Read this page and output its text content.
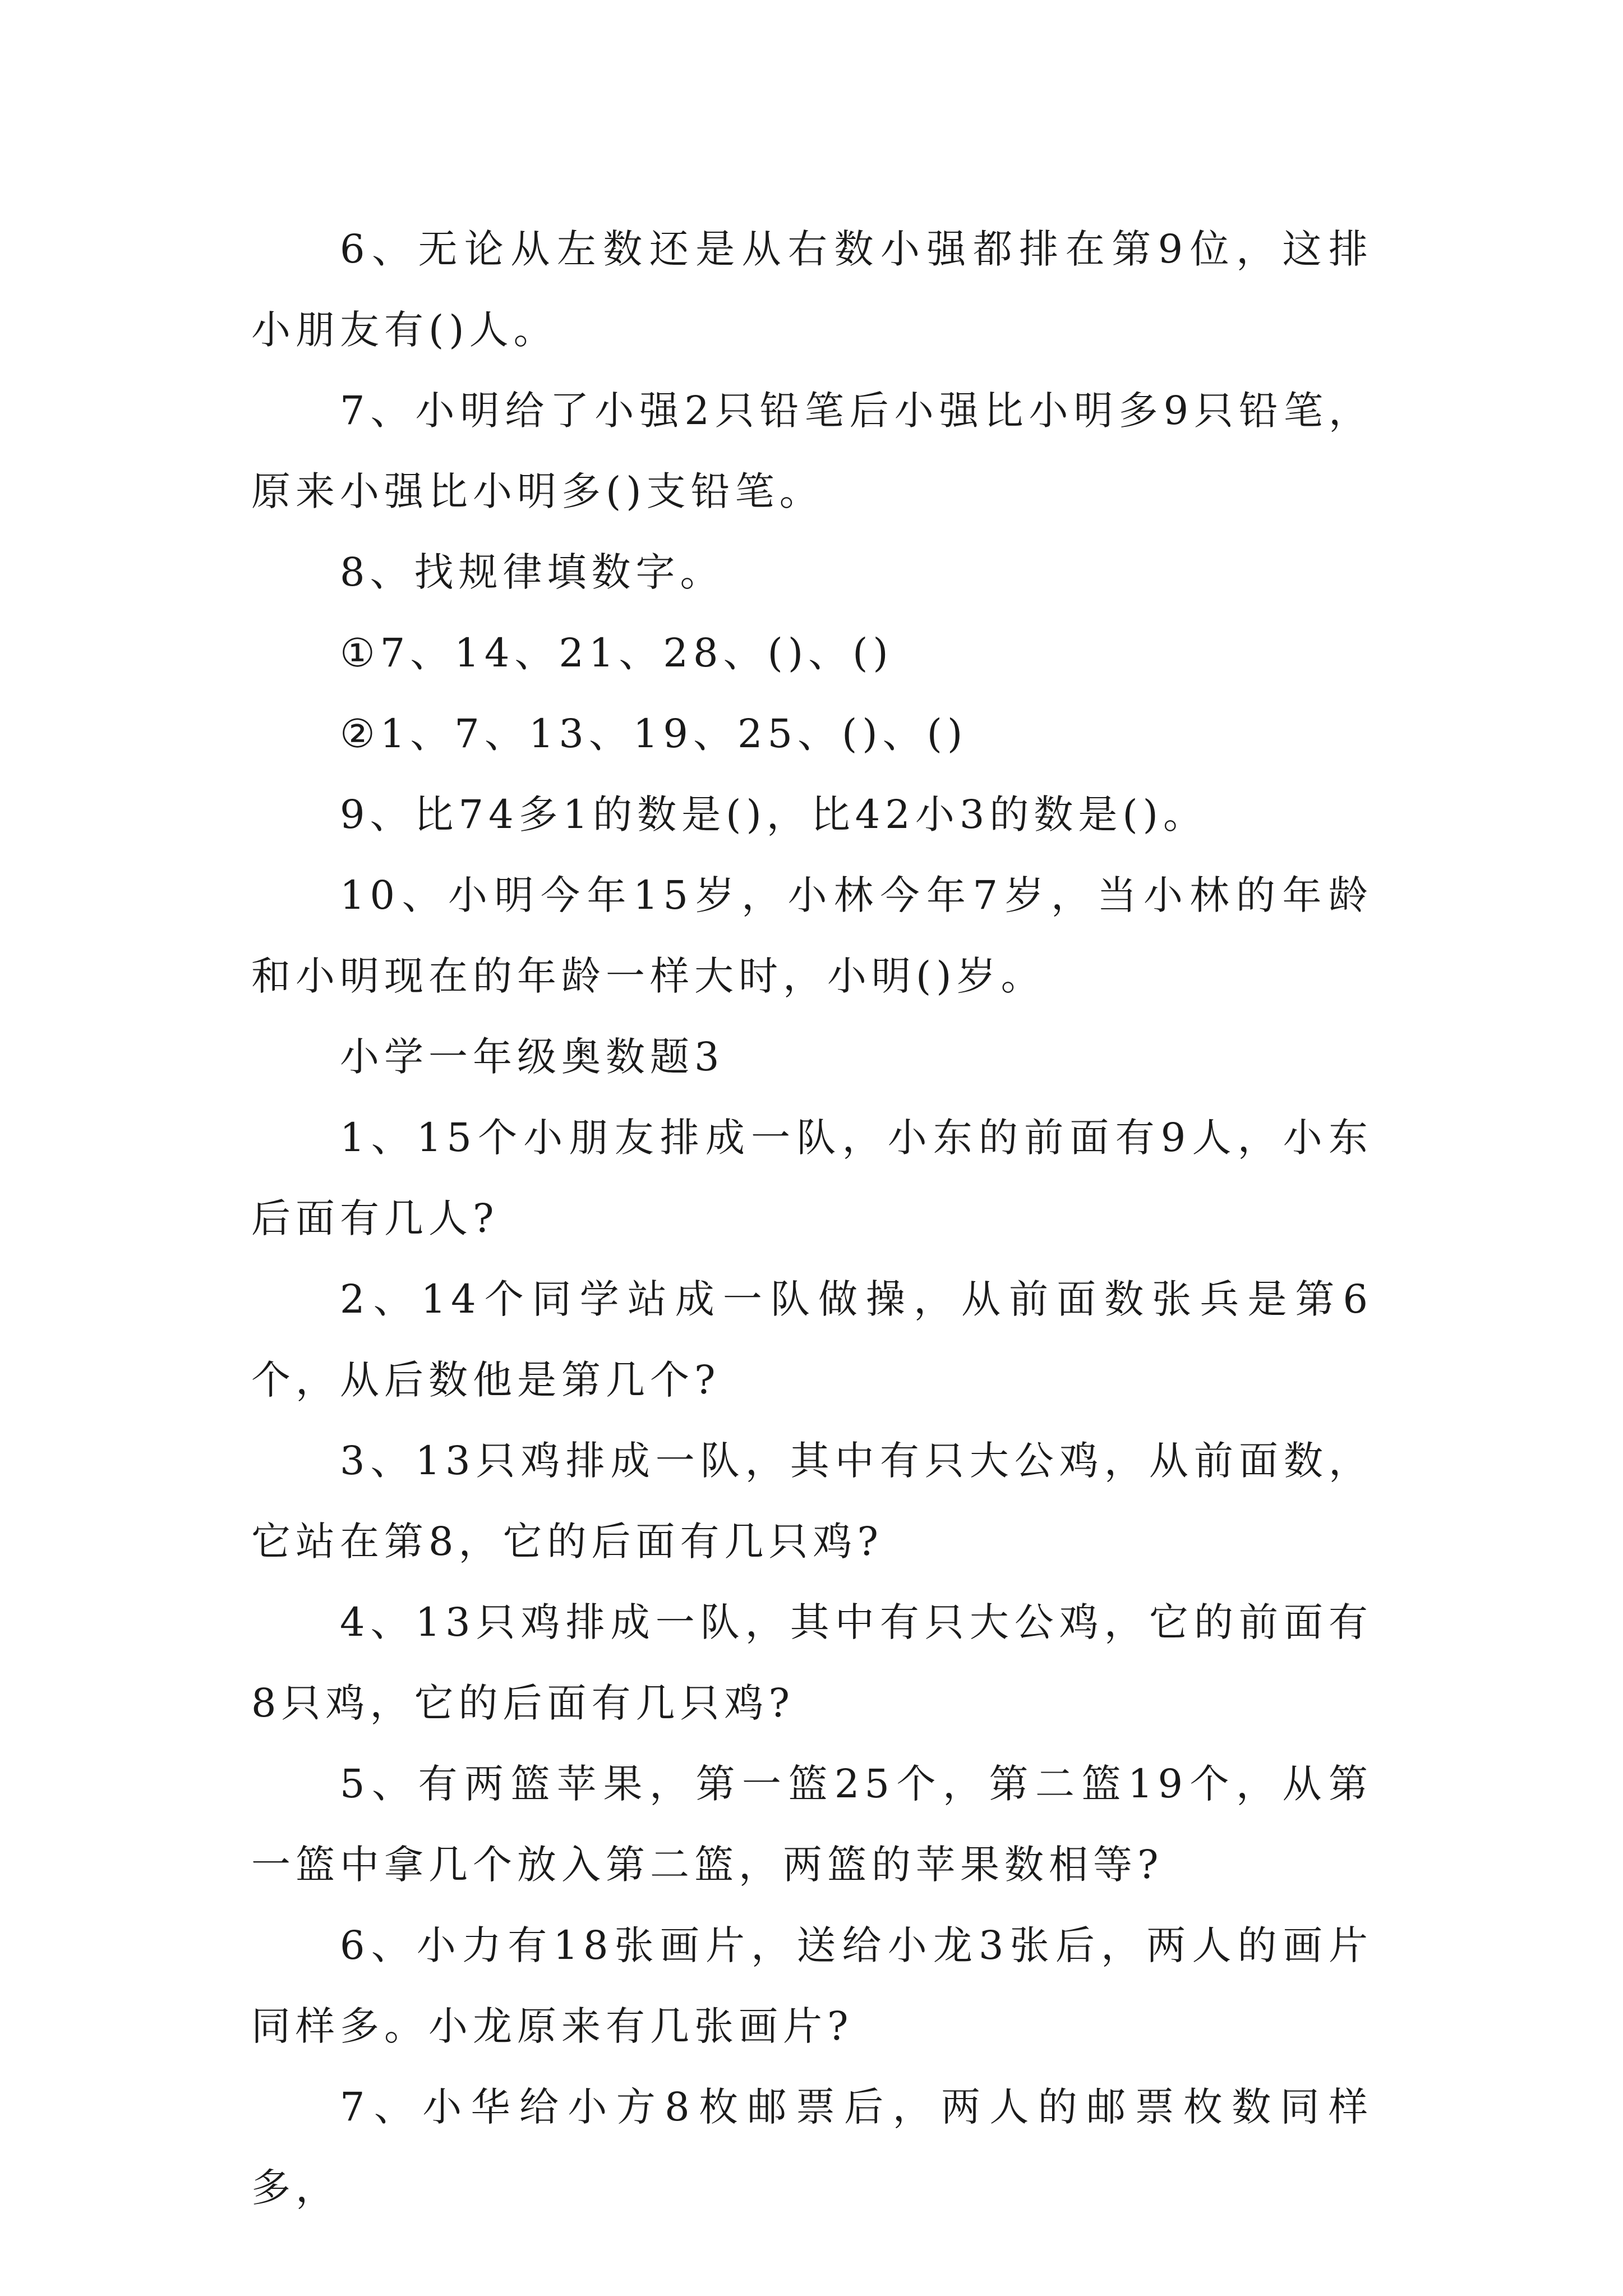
6、无论从左数还是从右数小强都排在第9位，这排小朋友有()人。

7、小明给了小强2只铅笔后小强比小明多9只铅笔，原来小强比小明多()支铅笔。

8、找规律填数字。

①7、14、21、28、()、()

②1、7、13、19、25、()、()

9、比74多1的数是()，比42小3的数是()。

10、小明今年15岁，小林今年7岁，当小林的年龄和小明现在的年龄一样大时，小明()岁。

小学一年级奥数题3

1、15个小朋友排成一队，小东的前面有9人，小东后面有几人?

2、14个同学站成一队做操，从前面数张兵是第6个，从后数他是第几个?

3、13只鸡排成一队，其中有只大公鸡，从前面数，它站在第8，它的后面有几只鸡?

4、13只鸡排成一队，其中有只大公鸡，它的前面有8只鸡，它的后面有几只鸡?

5、有两篮苹果，第一篮25个，第二篮19个，从第一篮中拿几个放入第二篮，两篮的苹果数相等?

6、小力有18张画片，送给小龙3张后，两人的画片同样多。小龙原来有几张画片?

7、小华给小方8枚邮票后，两人的邮票枚数同样多，
